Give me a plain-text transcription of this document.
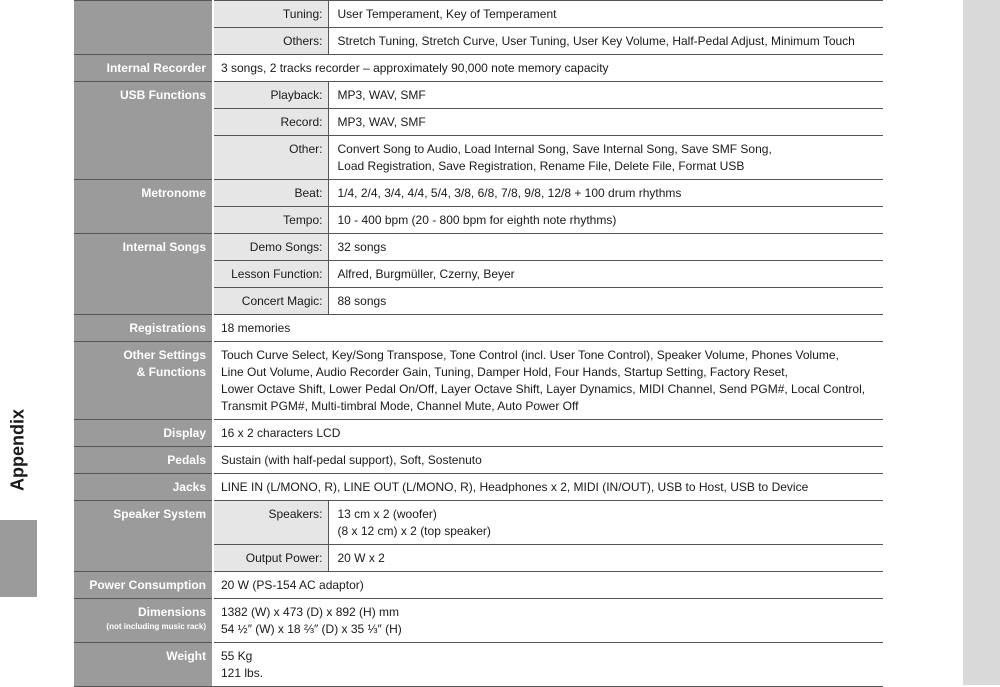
Appendix
	Tuning:	User Temperament, Key of Temperament

	Others:	Stretch Tuning, Stretch Curve, User Tuning, User Key Volume, Half-Pedal Adjust, Minimum Touch

Internal Recorder	3 songs, 2 tracks recorder – approximately 90,000 note memory capacity	

USB Functions	Playback:	MP3, WAV, SMF

	Record:	MP3, WAV, SMF

	Other:	Convert Song to Audio, Load Internal Song, Save Internal Song, Save SMF Song,
Load Registration, Save Registration, Rename File, Delete File, Format USB

Metronome	Beat:	1/4, 2/4, 3/4, 4/4, 5/4, 3/8, 6/8, 7/8, 9/8, 12/8 + 100 drum rhythms

	Tempo:	10 - 400 bpm (20 - 800 bpm for eighth note rhythms)

Internal Songs	Demo Songs:	32 songs

	Lesson Function:	Alfred, Burgmüller, Czerny, Beyer

	Concert Magic:	88 songs

Registrations	18 memories	

Other Settings
& Functions	Touch Curve Select, Key/Song Transpose, Tone Control (incl. User Tone Control), Speaker Volume, Phones Volume,
Line Out Volume, Audio Recorder Gain, Tuning, Damper Hold, Four Hands, Startup Setting, Factory Reset,
Lower Octave Shift, Lower Pedal On/Off, Layer Octave Shift, Layer Dynamics, MIDI Channel, Send PGM#, Local Control,
Transmit PGM#, Multi-timbral Mode, Channel Mute, Auto Power Off	

Display	16 x 2 characters LCD	

Pedals	Sustain (with half-pedal support), Soft, Sostenuto	

Jacks	LINE IN (L/MONO, R), LINE OUT (L/MONO, R), Headphones x 2, MIDI (IN/OUT), USB to Host, USB to Device	

Speaker System	Speakers:	13 cm x 2 (woofer)
(8 x 12 cm) x 2 (top speaker)

	Output Power:	20 W x 2

Power Consumption	20 W (PS-154 AC adaptor)	

Dimensions
(not including music rack)	1382 (W) x 473 (D) x 892 (H) mm
54 ½″ (W) x 18 ⅔″ (D) x 35 ⅓″ (H)	

Weight	55 Kg
121 lbs.	
